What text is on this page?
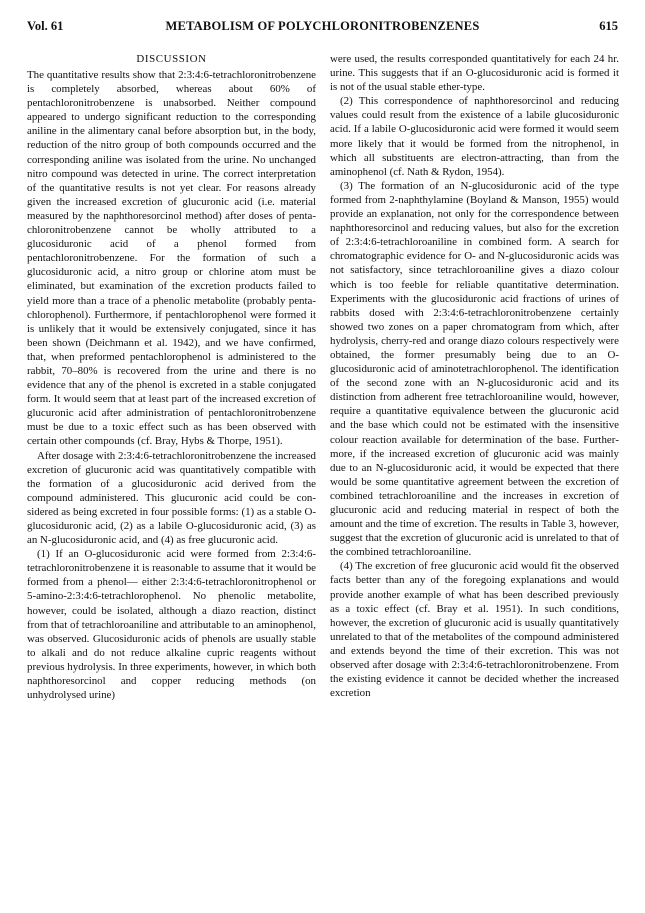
Vol. 61	METABOLISM OF POLYCHLORONITROBENZENES	615
DISCUSSION

The quantitative results show that 2:3:4:6-tetrachloronitrobenzene is completely absorbed, whereas about 60% of pentachloronitrobenzene is unabsorbed. Neither compound appeared to undergo significant reduction to the corresponding aniline in the alimentary canal before absorption but, in the body, reduction of the nitro group of both compounds occurred and the corresponding aniline was isolated from the urine. No unchanged nitro compound was detected in urine. The correct interpretation of the quantitative results is not yet clear. For reasons already given the increased excretion of glucuronic acid (i.e. material measured by the naphthoresorcinol method) after doses of pentachloronitrobenzene cannot be wholly attributed to a glucosiduronic acid of a phenol formed from pentachloronitrobenzene. For the formation of such a glucosiduronic acid, a nitro group or chlorine atom must be eliminated, but examination of the excretion products failed to yield more than a trace of a phenolic metabolite (probably pentachlorophenol). Furthermore, if pentachlorophenol were formed it is unlikely that it would be extensively conjugated, since it has been shown (Deichmann et al. 1942), and we have confirmed, that, when preformed pentachlorophenol is administered to the rabbit, 70–80% is recovered from the urine and there is no evidence that any of the phenol is excreted in a stable conjugated form. It would seem that at least part of the increased excretion of glucuronic acid after administration of pentachloronitrobenzene must be due to a toxic effect such as has been observed with certain other compounds (cf. Bray, Hybs & Thorpe, 1951).

After dosage with 2:3:4:6-tetrachloronitrobenzene the increased excretion of glucuronic acid was quantitatively compatible with the formation of a glucosiduronic acid derived from the compound administered. This glucuronic acid could be considered as being excreted in four possible forms: (1) as a stable O-glucosiduronic acid, (2) as a labile O-glucosiduronic acid, (3) as an N-glucosiduronic acid, and (4) as free glucuronic acid.

(1) If an O-glucosiduronic acid were formed from 2:3:4:6-tetrachloronitrobenzene it is reasonable to assume that it would be formed from a phenol— either 2:3:4:6-tetrachloronitrophenol or 5-amino-2:3:4:6-tetrachlorophenol. No phenolic metabolite, however, could be isolated, although a diazo reaction, distinct from that of tetrachloroaniline and attributable to an aminophenol, was observed. Glucosiduronic acids of phenols are usually stable to alkali and do not reduce alkaline cupric reagents without previous hydrolysis. In three experiments, however, in which both naphthoresorcinol and copper reducing methods (on unhydrolysed urine)

were used, the results corresponded quantitatively for each 24 hr. urine. This suggests that if an O-glucosiduronic acid is formed it is not of the usual stable ether-type.

(2) This correspondence of naphthoresorcinol and reducing values could result from the existence of a labile glucosiduronic acid. If a labile O-glucosiduronic acid were formed it would seem more likely that it would be formed from the nitrophenol, in which all substituents are electron-attracting, than from the aminophenol (cf. Nath & Rydon, 1954).

(3) The formation of an N-glucosiduronic acid of the type formed from 2-naphthylamine (Boyland & Manson, 1955) would provide an explanation, not only for the correspondence between naphthoresorcinol and reducing values, but also for the excretion of 2:3:4:6-tetrachloroaniline in combined form. A search for chromatographic evidence for O- and N-glucosiduronic acids was not satisfactory, since tetrachloroaniline gives a diazo colour which is too feeble for reliable quantitative determination. Experiments with the glucosiduronic acid fractions of urines of rabbits dosed with 2:3:4:6-tetrachloronitrobenzene certainly showed two zones on a paper chromatogram from which, after hydrolysis, cherry-red and orange diazo colours respectively were obtained, the former presumably being due to an O-glucosiduronic acid of aminotetrachlorophenol. The identification of the second zone with an N-glucosiduronic acid and its distinction from adherent free tetrachloroaniline would, however, require a quantitative equivalence between the glucuronic acid and the base which could not be estimated with the insensitive colour reaction available for determination of the base. Furthermore, if the increased excretion of glucuronic acid was mainly due to an N-glucosiduronic acid, it would be expected that there would be some quantitative agreement between the excretion of combined tetrachloroaniline and the increases in excretion of glucuronic acid and reducing material in respect of both the amount and the time of excretion. The results in Table 3, however, suggest that the excretion of glucuronic acid is unrelated to that of the combined tetrachloroaniline.

(4) The excretion of free glucuronic acid would fit the observed facts better than any of the foregoing explanations and would provide another example of what has been described previously as a toxic effect (cf. Bray et al. 1951). In such conditions, however, the excretion of glucuronic acid is usually quantitatively unrelated to that of the metabolites of the compound administered and extends beyond the time of their excretion. This was not observed after dosage with 2:3:4:6-tetrachloronitrobenzene. From the existing evidence it cannot be decided whether the increased excretion
